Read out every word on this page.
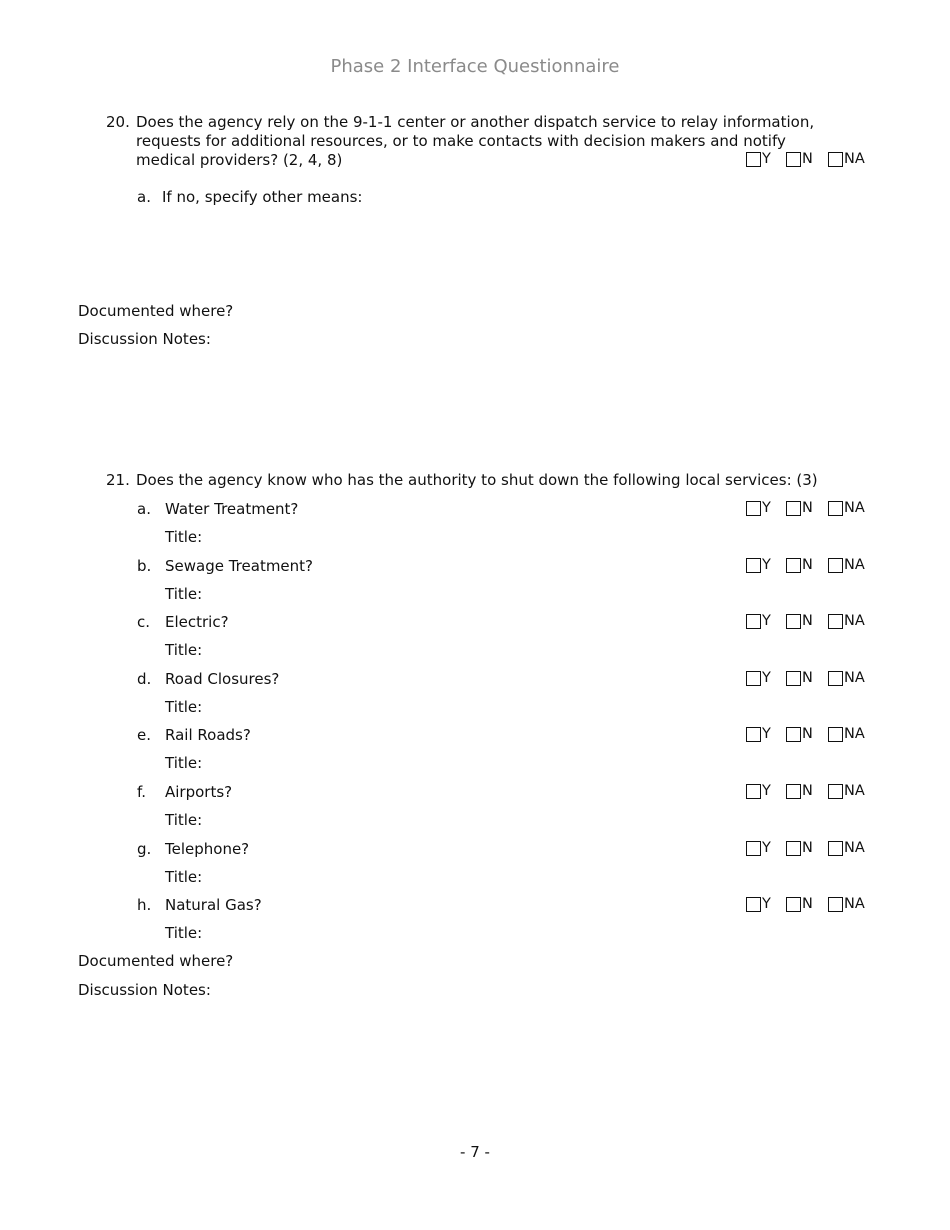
Phase 2 Interface Questionnaire
20. Does the agency rely on the 9-1-1 center or another dispatch service to relay information,
requests for additional resources, or to make contacts with decision makers and notify
medical providers? (2, 4, 8)	Y N NA
a. If no, specify other means:
Documented where?
Discussion Notes:
21. Does the agency know who has the authority to shut down the following local services: (3)
a. Water Treatment?
Title:
Y N NA
b. Sewage Treatment?
Title:
Y N NA
c. Electric?
Title:
Y N NA
d. Road Closures?
Title:
Y N NA
e. Rail Roads?
Title:
Y N NA
f. Airports?
Title:
Y N NA
g. Telephone?
Title:
Y N NA
h. Natural Gas?
Title:
Y N NA
Documented where?
Discussion Notes:
- 7 -
